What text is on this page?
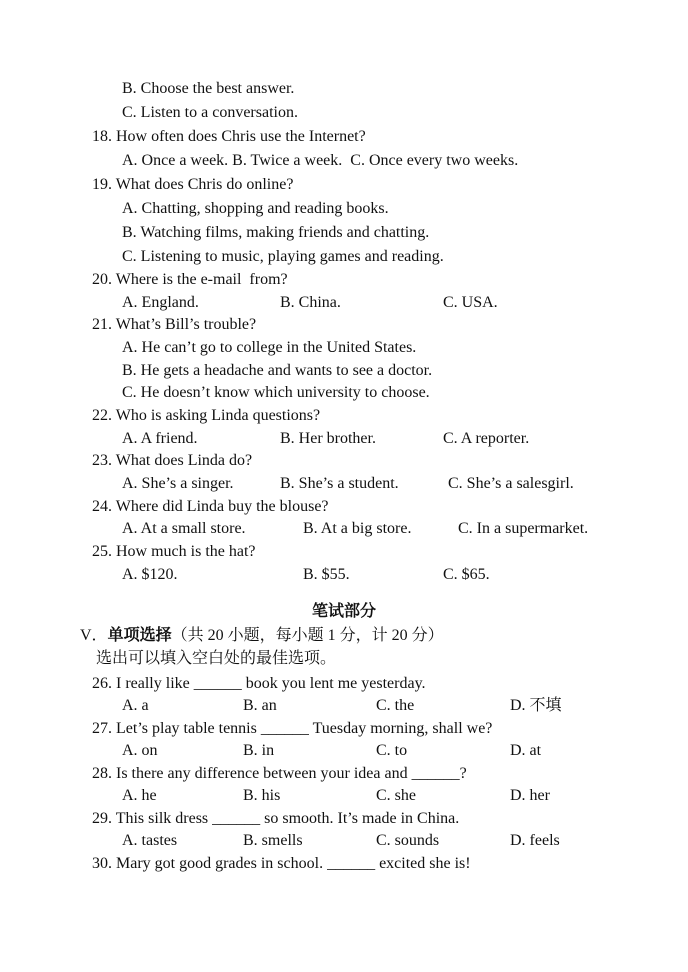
B. Choose the best answer.
C. Listen to a conversation.
18. How often does Chris use the Internet?
A. Once a week. B. Twice a week.  C. Once every two weeks.
19. What does Chris do online?
A. Chatting, shopping and reading books.
B. Watching films, making friends and chatting.
C. Listening to music, playing games and reading.
20. Where is the e-mail  from?
A. England.	B. China.	C. USA.
21. What’s Bill’s trouble?
A. He can’t go to college in the United States.
B. He gets a headache and wants to see a doctor.
C. He doesn’t know which university to choose.
22. Who is asking Linda questions?
A. A friend.	B. Her brother.	C. A reporter.
23. What does Linda do?
A. She’s a singer.	B. She’s a student.	C. She’s a salesgirl.
24. Where did Linda buy the blouse?
A. At a small store.	B. At a big store.	C. In a supermarket.
25. How much is the hat?
A. $120.	B. $55.	C. $65.
笔试部分
V．单项选择（共 20 小题，每小题 1 分，计 20 分）
选出可以填入空白处的最佳选项。
26. I really like ______ book you lent me yesterday.
A. a	B. an	C. the	D. 不填
27. Let’s play table tennis ______ Tuesday morning, shall we?
A. on	B. in	C. to	D. at
28. Is there any difference between your idea and ______?
A. he	B. his	C. she	D. her
29. This silk dress ______ so smooth. It’s made in China.
A. tastes	B. smells	C. sounds	D. feels
30. Mary got good grades in school. ______ excited she is!
